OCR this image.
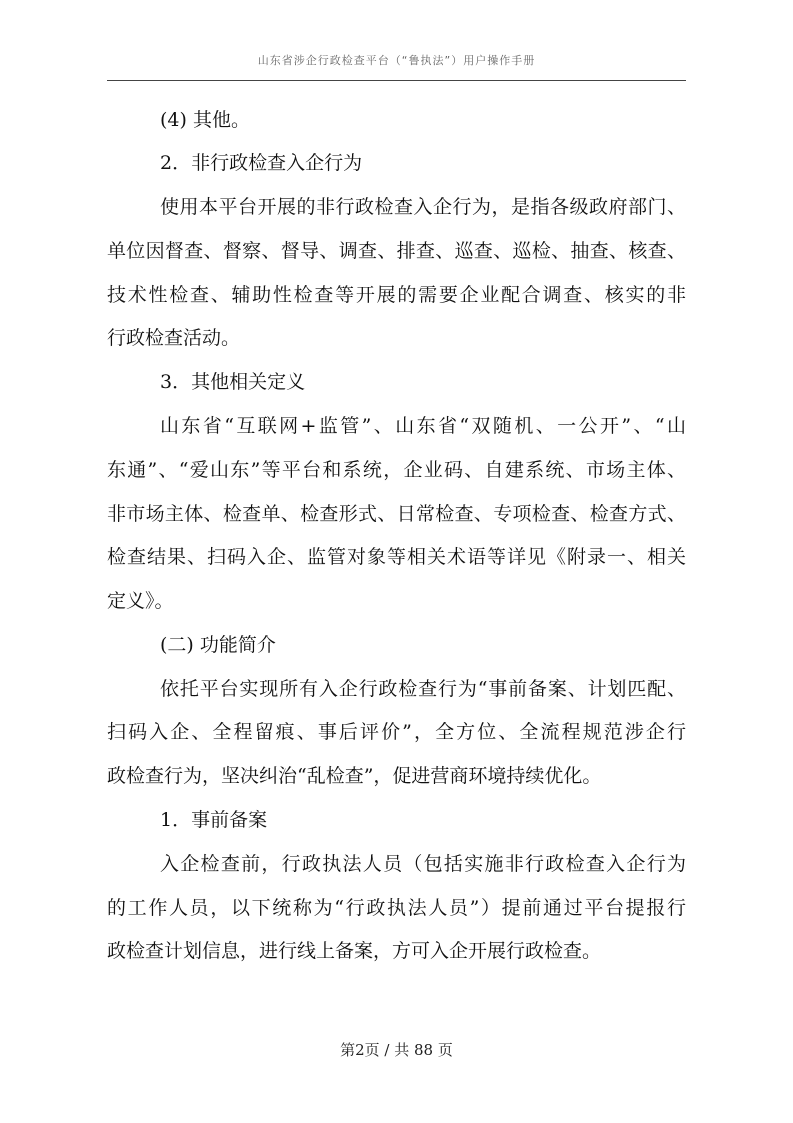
山东省涉企行政检查平台（“鲁执法”）用户操作手册
(4) 其他。
2．非行政检查入企行为
使用本平台开展的非行政检查入企行为，是指各级政府部门、
单位因督查、督察、督导、调查、排查、巡查、巡检、抽查、核查、
技术性检查、辅助性检查等开展的需要企业配合调查、核实的非
行政检查活动。
3．其他相关定义
山东省“互联网+监管”、山东省“双随机、一公开”、“山
东通”、“爱山东”等平台和系统，企业码、自建系统、市场主体、
非市场主体、检查单、检查形式、日常检查、专项检查、检查方式、
检查结果、扫码入企、监管对象等相关术语等详见《附录一、相关
定义》。
(二) 功能简介
依托平台实现所有入企行政检查行为“事前备案、计划匹配、
扫码入企、全程留痕、事后评价”，全方位、全流程规范涉企行
政检查行为，坚决纠治“乱检查”，促进营商环境持续优化。
1．事前备案
入企检查前，行政执法人员（包括实施非行政检查入企行为
的工作人员，以下统称为“行政执法人员”）提前通过平台提报行
政检查计划信息，进行线上备案，方可入企开展行政检查。
第2页 / 共 88 页
